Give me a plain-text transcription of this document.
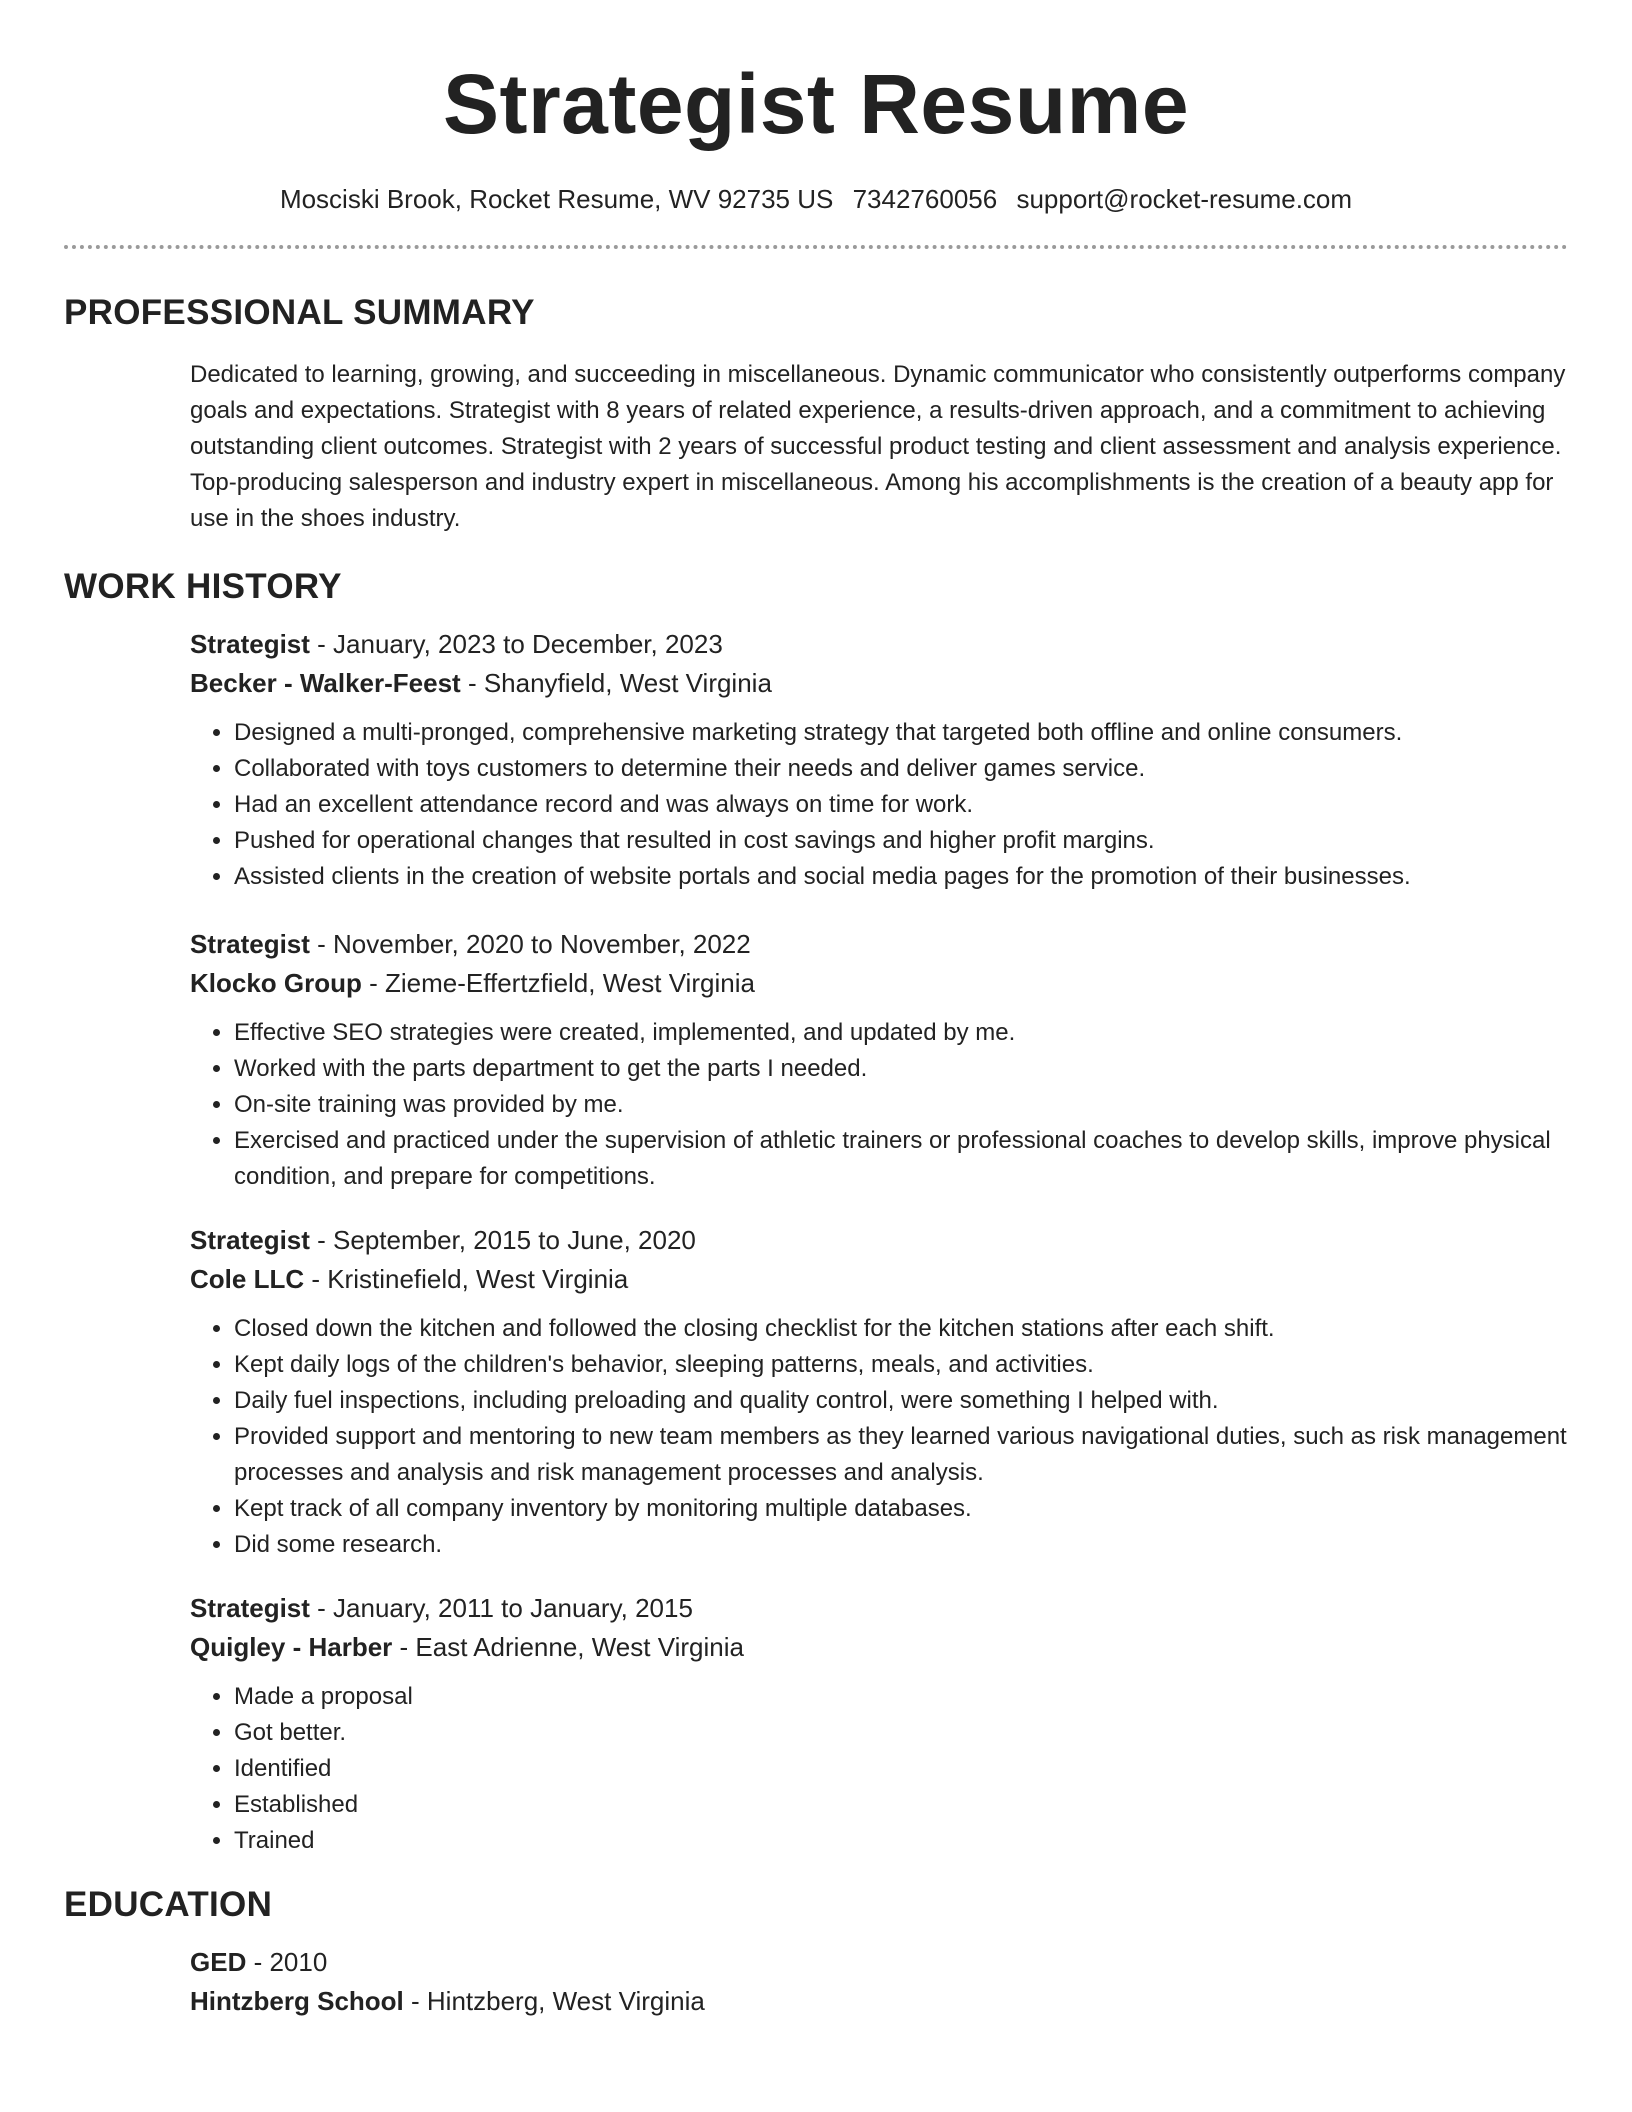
Strategist Resume
Mosciski Brook, Rocket Resume, WV 92735 US 7342760056 support@rocket-resume.com
PROFESSIONAL SUMMARY

Dedicated to learning, growing, and succeeding in miscellaneous. Dynamic communicator who consistently outperforms company goals and expectations. Strategist with 8 years of related experience, a results-driven approach, and a commitment to achieving outstanding client outcomes. Strategist with 2 years of successful product testing and client assessment and analysis experience. Top-producing salesperson and industry expert in miscellaneous. Among his accomplishments is the creation of a beauty app for use in the shoes industry.

WORK HISTORY

Strategist - January, 2023 to December, 2023

Becker - Walker-Feest - Shanyfield, West Virginia

• Designed a multi-pronged, comprehensive marketing strategy that targeted both offline and online consumers.
• Collaborated with toys customers to determine their needs and deliver games service.
• Had an excellent attendance record and was always on time for work.
• Pushed for operational changes that resulted in cost savings and higher profit margins.
• Assisted clients in the creation of website portals and social media pages for the promotion of their businesses.

Strategist - November, 2020 to November, 2022

Klocko Group - Zieme-Effertzfield, West Virginia

• Effective SEO strategies were created, implemented, and updated by me.
• Worked with the parts department to get the parts I needed.
• On-site training was provided by me.
• Exercised and practiced under the supervision of athletic trainers or professional coaches to develop skills, improve physical condition, and prepare for competitions.

Strategist - September, 2015 to June, 2020

Cole LLC - Kristinefield, West Virginia

• Closed down the kitchen and followed the closing checklist for the kitchen stations after each shift.
• Kept daily logs of the children's behavior, sleeping patterns, meals, and activities.
• Daily fuel inspections, including preloading and quality control, were something I helped with.
• Provided support and mentoring to new team members as they learned various navigational duties, such as risk management processes and analysis and risk management processes and analysis.
• Kept track of all company inventory by monitoring multiple databases.
• Did some research.

Strategist - January, 2011 to January, 2015

Quigley - Harber - East Adrienne, West Virginia

• Made a proposal
• Got better.
• Identified
• Established
• Trained
EDUCATION

GED - 2010

Hintzberg School - Hintzberg, West Virginia
